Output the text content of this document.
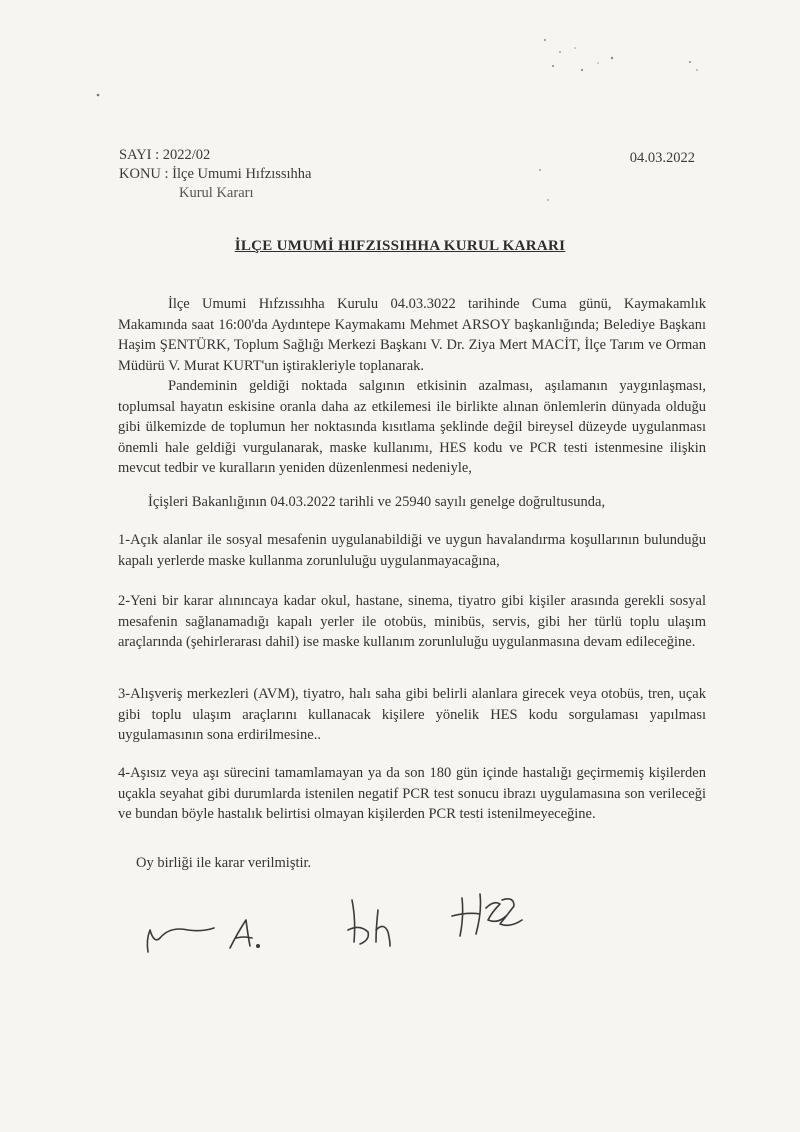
SAYI : 2022/02
KONU : İlçe Umumi Hıfzıssıhha
Kurul Kararı
04.03.2022
İLÇE UMUMİ HIFZISSIHHA KURUL KARARI

İlçe Umumi Hıfzıssıhha Kurulu 04.03.3022 tarihinde Cuma günü, Kaymakamlık Makamında saat 16:00'da Aydıntepe Kaymakamı Mehmet ARSOY başkanlığında; Belediye Başkanı Haşim ŞENTÜRK, Toplum Sağlığı Merkezi Başkanı V. Dr. Ziya Mert MACİT, İlçe Tarım ve Orman Müdürü V. Murat KURT'un iştirakleriyle toplanarak.

Pandeminin geldiği noktada salgının etkisinin azalması, aşılamanın yaygınlaşması, toplumsal hayatın eskisine oranla daha az etkilemesi ile birlikte alınan önlemlerin dünyada olduğu gibi ülkemizde de toplumun her noktasında kısıtlama şeklinde değil bireysel düzeyde uygulanması önemli hale geldiği vurgulanarak, maske kullanımı, HES kodu ve PCR testi istenmesine ilişkin mevcut tedbir ve kuralların yeniden düzenlenmesi nedeniyle,

İçişleri Bakanlığının 04.03.2022 tarihli ve 25940 sayılı genelge doğrultusunda,

1-Açık alanlar ile sosyal mesafenin uygulanabildiği ve uygun havalandırma koşullarının bulunduğu kapalı yerlerde maske kullanma zorunluluğu uygulanmayacağına,

2-Yeni bir karar alınıncaya kadar okul, hastane, sinema, tiyatro gibi kişiler arasında gerekli sosyal mesafenin sağlanamadığı kapalı yerler ile otobüs, minibüs, servis, gibi her türlü toplu ulaşım araçlarında (şehirlerarası dahil) ise maske kullanım zorunluluğu uygulanmasına devam edileceğine.

3-Alışveriş merkezleri (AVM), tiyatro, halı saha gibi belirli alanlara girecek veya otobüs, tren, uçak gibi toplu ulaşım araçlarını kullanacak kişilere yönelik HES kodu sorgulaması yapılması uygulamasının sona erdirilmesine..

4-Aşısız veya aşı sürecini tamamlamayan ya da son 180 gün içinde hastalığı geçirmemiş kişilerden uçakla seyahat gibi durumlarda istenilen negatif PCR test sonucu ibrazı uygulamasına son verileceği ve bundan böyle hastalık belirtisi olmayan kişilerden PCR testi istenilmeyeceğine.

Oy birliği ile karar verilmiştir.
